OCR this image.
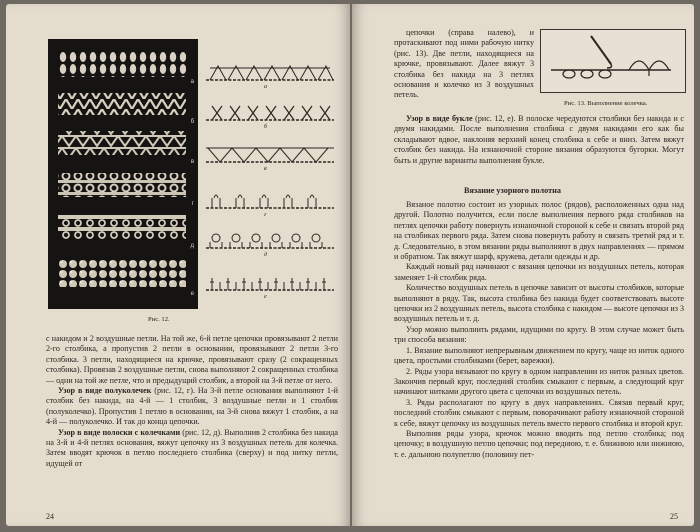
а
б
в
г
д
е
а
б
в
г
д
е
Рис. 12.

с накидом и 2 воздушные петли. На той же, 6-й петле цепочки провязывают 2 петли 2-го столбика, а пропустив 2 петли в основании, провязывают 2 петли 3-го столбика. 3 петли, находящиеся на крючке, провязывают сразу (2 сокращенных столбика). Провязав 2 воздушные петли, снова выполняют 2 сокращенных столбика — одни на той же петле, что и предыдущий столбик, а второй на 3-й петле от него.

Узор в виде полуколечек (рис. 12, г). На 3-й петле основания выполняют 1-й столбик без накида, на 4-й — 1 столбик, 3 воздушные петли и 1 столбик (полуколечко). Пропустив 1 петлю в основании, на 3-й снова вяжут 1 столбик, а на 4-й — полуколечко. И так до конца цепочки.

Узор в виде полоски с колечками (рис. 12, д). Выполнив 2 столбика без накида на 3-й и 4-й петлях основания, вяжут цепочку из 3 воздушных петель для колечка. Затем вводят крючок в петлю последнего столбика (сверху) и под нитку петли, идущей от

24

цепочки (справа налево), и протаскивают под ними рабочую нитку (рис. 13). Две петли, находящиеся на крючке, провязывают. Далее вяжут 3 столбика без накида на 3 петлях основания и колечко из 3 воздушных петель.

Рис. 13. Выполнение колечка.

Узор в виде букле (рис. 12, е). В полоске чередуются столбики без накида и с двумя накидами. После выполнения столбика с двумя накидами его как бы складывают вдвое, наклоняя верхний конец столбика к себе и вниз. Затем вяжут столбик без накида. На изнаночной стороне вязания образуются бугорки. Могут быть и другие варианты выполнения букле.

Вязание узорного полотна

Вязаное полотно состоит из узорных полос (рядов), расположенных одна над другой. Полотно получится, если после выполнения первого ряда столбиков на петлях цепочки работу повернуть изнаночной стороной к себе и связать второй ряд на столбиках первого ряда. Затем снова повернуть работу и связать третий ряд и т. д. Следовательно, в этом вязании ряды выполняют в двух направлениях — прямом и обратном. Так вяжут шарф, кружева, детали одежды и др.

Каждый новый ряд начинают с вязания цепочки из воздушных петель, которая заменяет 1-й столбик ряда.

Количество воздушных петель в цепочке зависит от высоты столбиков, которые выполняют в ряду. Так, высота столбика без накида будет соответствовать высоте цепочки из 2 воздушных петель, высота столбика с накидом — высоте цепочки из 3 воздушных петель и т. д.

Узор можно выполнить рядами, идущими по кругу. В этом случае может быть три способа вязания:

1. Вязание выполняют непрерывным движением по кругу, чаще из ниток одного цвета, простыми столбиками (берет, варежки).

2. Ряды узора вязывают по кругу в одном направлении из ниток разных цветов. Закончив первый круг, последний столбик смыкают с первым, а следующий круг начинают нитками другого цвета с цепочки из воздушных петель.

3. Ряды располагают по кругу в двух направлениях. Связав первый круг, последний столбик смыкают с первым, поворачивают работу изнаночной стороной к себе, вяжут цепочку из воздушных петель вместо первого столбика и второй круг.

Выполняя ряды узора, крючок можно вводить под петлю столбика; под цепочку; в воздушную петлю цепочки; под переднюю, т. е. ближнюю или нижнюю, т. е. дальнюю полупетлю (половину пет-

25
